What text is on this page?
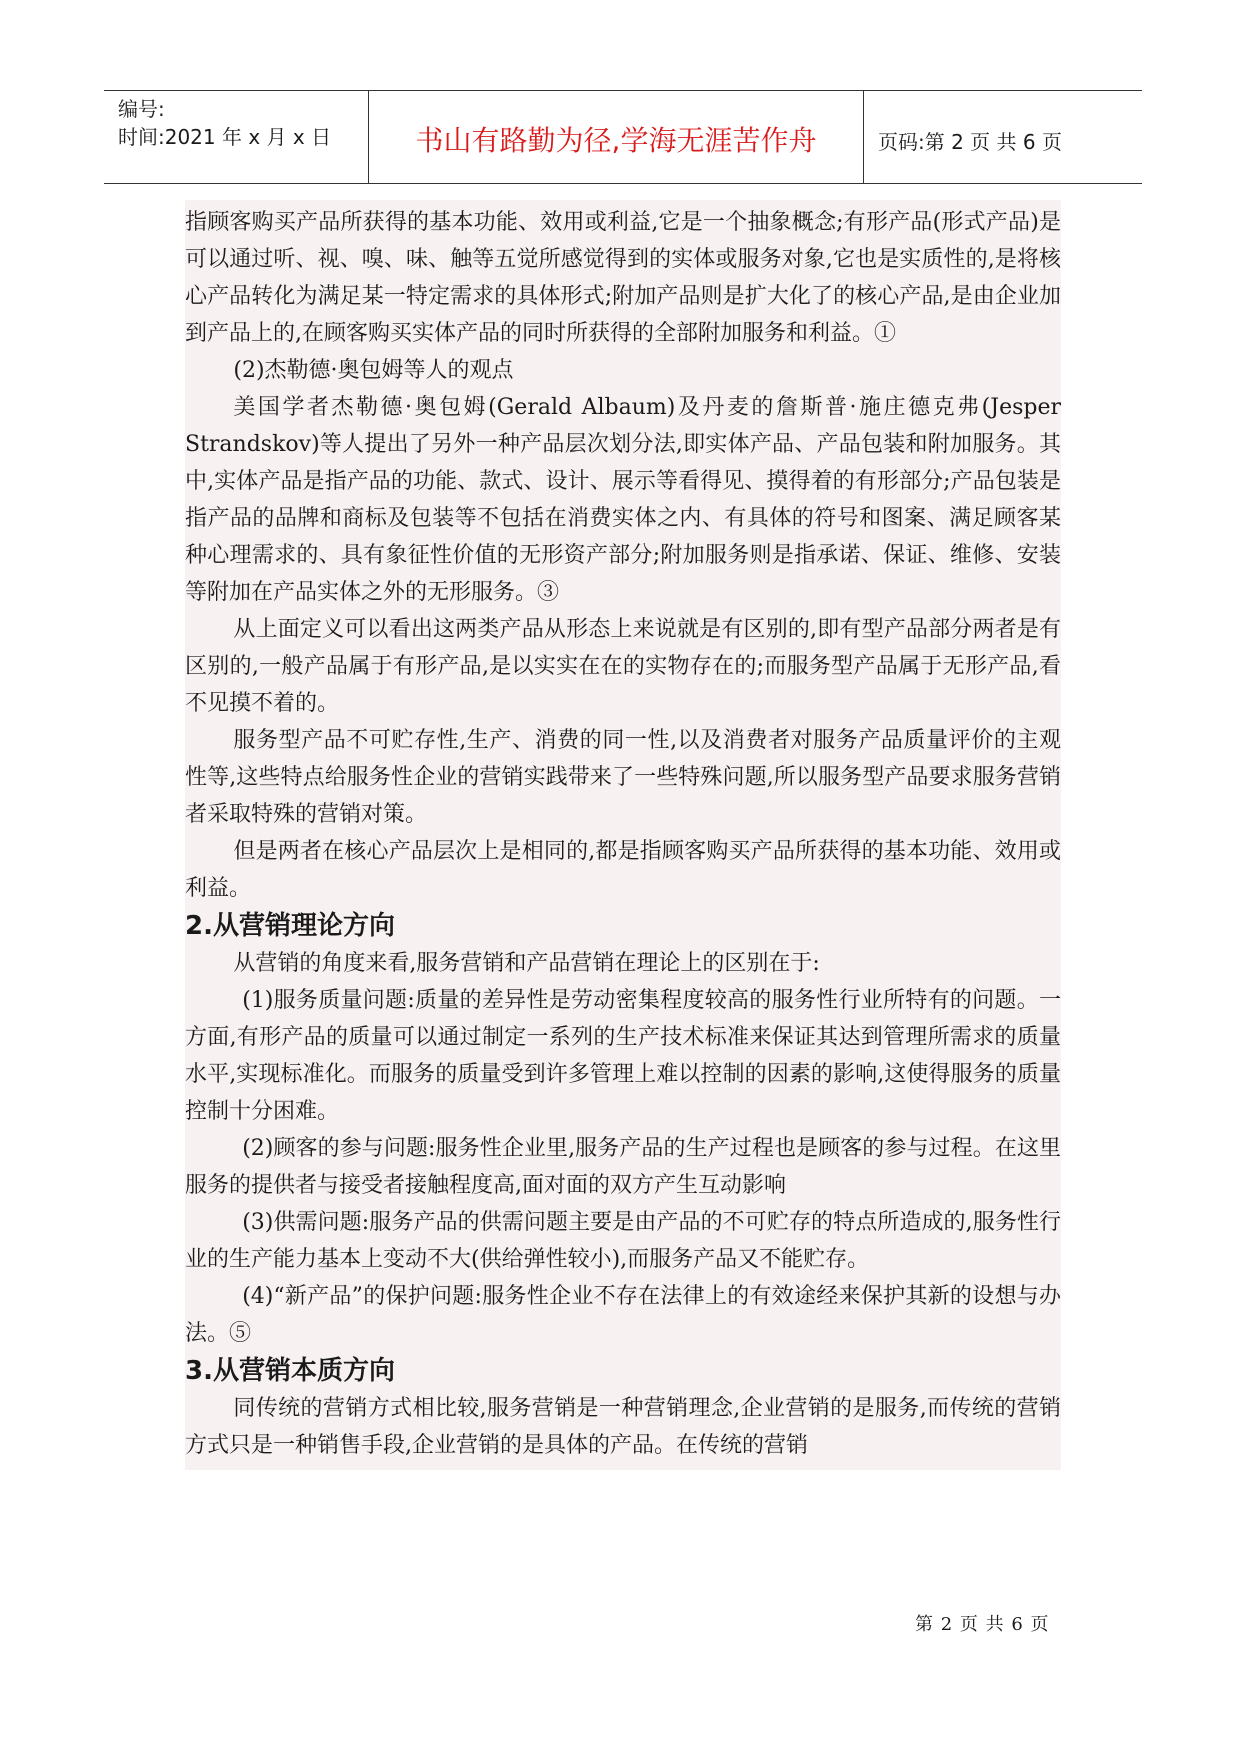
编号:
时间:2021 年 x 月 x 日	书山有路勤为径,学海无涯苦作舟	页码:第 2 页 共 6 页

指顾客购买产品所获得的基本功能、效用或利益,它是一个抽象概念;有形产品(形式产品)是可以通过听、视、嗅、味、触等五觉所感觉得到的实体或服务对象,它也是实质性的,是将核心产品转化为满足某一特定需求的具体形式;附加产品则是扩大化了的核心产品,是由企业加到产品上的,在顾客购买实体产品的同时所获得的全部附加服务和利益。①

(2)杰勒德·奥包姆等人的观点

美国学者杰勒德·奥包姆(Gerald Albaum)及丹麦的詹斯普·施庄德克弗(Jesper Strandskov)等人提出了另外一种产品层次划分法,即实体产品、产品包装和附加服务。其中,实体产品是指产品的功能、款式、设计、展示等看得见、摸得着的有形部分;产品包装是指产品的品牌和商标及包装等不包括在消费实体之内、有具体的符号和图案、满足顾客某种心理需求的、具有象征性价值的无形资产部分;附加服务则是指承诺、保证、维修、安装等附加在产品实体之外的无形服务。③

从上面定义可以看出这两类产品从形态上来说就是有区别的,即有型产品部分两者是有区别的,一般产品属于有形产品,是以实实在在的实物存在的;而服务型产品属于无形产品,看不见摸不着的。

服务型产品不可贮存性,生产、消费的同一性,以及消费者对服务产品质量评价的主观性等,这些特点给服务性企业的营销实践带来了一些特殊问题,所以服务型产品要求服务营销者采取特殊的营销对策。

但是两者在核心产品层次上是相同的,都是指顾客购买产品所获得的基本功能、效用或利益。

2.从营销理论方向

从营销的角度来看,服务营销和产品营销在理论上的区别在于:

(1)服务质量问题:质量的差异性是劳动密集程度较高的服务性行业所特有的问题。一方面,有形产品的质量可以通过制定一系列的生产技术标准来保证其达到管理所需求的质量水平,实现标准化。而服务的质量受到许多管理上难以控制的因素的影响,这使得服务的质量控制十分困难。

(2)顾客的参与问题:服务性企业里,服务产品的生产过程也是顾客的参与过程。在这里服务的提供者与接受者接触程度高,面对面的双方产生互动影响

(3)供需问题:服务产品的供需问题主要是由产品的不可贮存的特点所造成的,服务性行业的生产能力基本上变动不大(供给弹性较小),而服务产品又不能贮存。

(4)“新产品”的保护问题:服务性企业不存在法律上的有效途经来保护其新的设想与办法。⑤

3.从营销本质方向

同传统的营销方式相比较,服务营销是一种营销理念,企业营销的是服务,而传统的营销方式只是一种销售手段,企业营销的是具体的产品。在传统的营销

第 2 页 共 6 页
